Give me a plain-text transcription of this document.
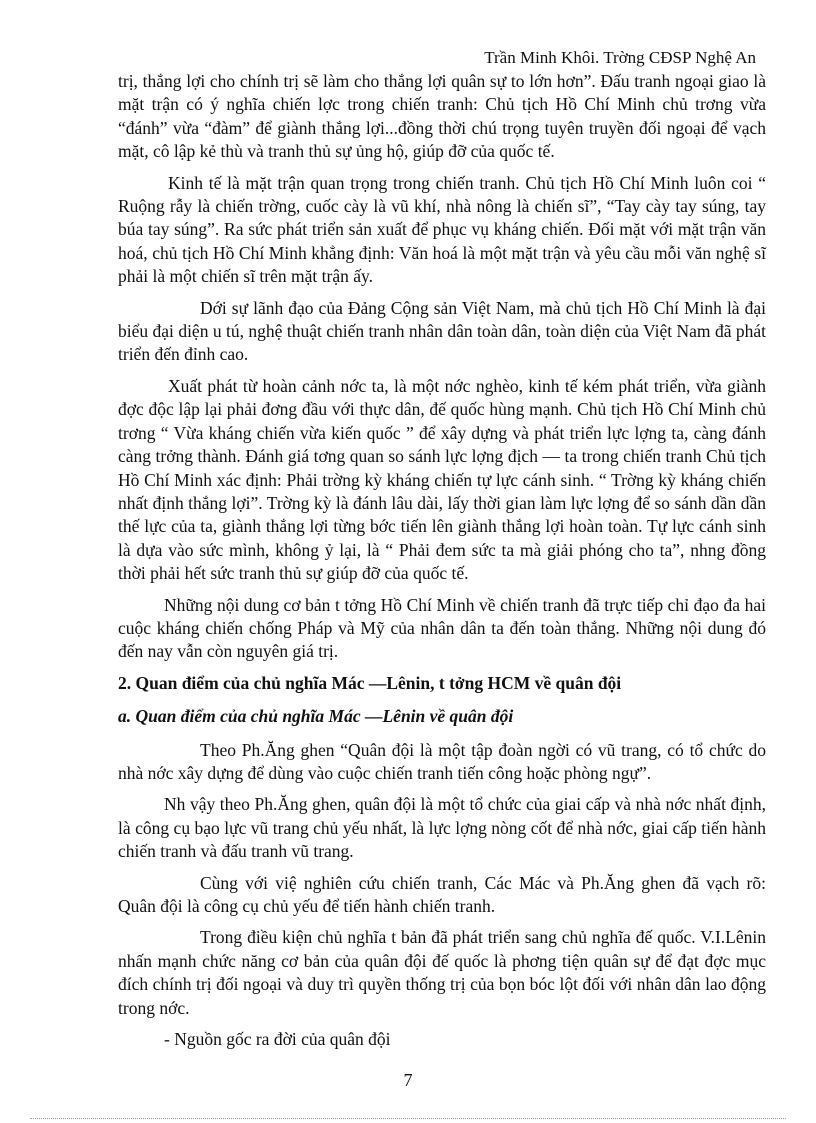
Trần Minh Khôi. Trờng CĐSP Nghệ An

trị, thắng lợi cho chính trị sẽ làm cho thắng lợi quân sự to lớn hơn”. Đấu tranh ngoại giao là mặt trận có ý nghĩa chiến lợc trong chiến tranh: Chủ tịch Hồ Chí Minh chủ trơng vừa “đánh” vừa “đàm” để giành thắng lợi...đồng thời chú trọng tuyên truyền đối ngoại để vạch mặt, cô lập kẻ thù và tranh thủ sự ủng hộ, giúp đỡ của quốc tế.

Kinh tế là mặt trận quan trọng trong chiến tranh. Chủ tịch Hồ Chí Minh luôn coi “ Ruộng rẫy là chiến trờng, cuốc cày là vũ khí, nhà nông là chiến sĩ”, “Tay cày tay súng, tay búa tay súng”. Ra sức phát triển sản xuất để phục vụ kháng chiến. Đối mặt với mặt trận văn hoá, chủ tịch Hồ Chí Minh khẳng định: Văn hoá là một mặt trận và yêu cầu mỗi văn nghệ sĩ phải là một chiến sĩ trên mặt trận ấy.

Dới sự lãnh đạo của Đảng Cộng sản Việt Nam, mà chủ tịch Hồ Chí Minh là đại biểu đại diện u tú, nghệ thuật chiến tranh nhân dân toàn dân, toàn diện của Việt Nam đã phát triển đến đỉnh cao.

Xuất phát từ hoàn cảnh nớc ta, là một nớc nghèo, kinh tế kém phát triển, vừa giành đợc độc lập lại phải đơng đầu với thực dân, đế quốc hùng mạnh. Chủ tịch Hồ Chí Minh chủ trơng “ Vừa kháng chiến vừa kiến quốc ” để xây dựng và phát triển lực lợng ta, càng đánh càng trởng thành. Đánh giá tơng quan so sánh lực lợng địch — ta trong chiến tranh Chủ tịch Hồ Chí Minh xác định: Phải trờng kỳ kháng chiến tự lực cánh sinh. “ Trờng kỳ kháng chiến nhất định thắng lợi”. Trờng kỳ là đánh lâu dài, lấy thời gian làm lực lợng để so sánh dần dần thế lực của ta, giành thắng lợi từng bớc tiến lên giành thắng lợi hoàn toàn. Tự lực cánh sinh là dựa vào sức mình, không ỷ lại, là “ Phải đem sức ta mà giải phóng cho ta”, nhng đồng thời phải hết sức tranh thủ sự giúp đỡ của quốc tế.

Những nội dung cơ bản t tởng Hồ Chí Minh về chiến tranh đã trực tiếp chỉ đạo đa hai cuộc kháng chiến chống Pháp và Mỹ của nhân dân ta đến toàn thắng. Những nội dung đó đến nay vẫn còn nguyên giá trị.

2. Quan điểm của chủ nghĩa Mác —Lênin, t tởng HCM về quân đội

a. Quan điểm của chủ nghĩa Mác —Lênin về quân đội

Theo Ph.Ăng ghen “Quân đội là một tập đoàn ngời có vũ trang, có tổ chức do nhà nớc xây dựng để dùng vào cuộc chiến tranh tiến công hoặc phòng ngự”.

Nh vậy theo Ph.Ăng ghen, quân đội là một tổ chức của giai cấp và nhà nớc nhất định, là công cụ bạo lực vũ trang chủ yếu nhất, là lực lợng nòng cốt để nhà nớc, giai cấp tiến hành chiến tranh và đấu tranh vũ trang.

Cùng với việ nghiên cứu chiến tranh, Các Mác và Ph.Ăng ghen đã vạch rõ: Quân đội là công cụ chủ yếu để tiến hành chiến tranh.

Trong điều kiện chủ nghĩa t bản đã phát triển sang chủ nghĩa đế quốc. V.I.Lênin nhấn mạnh chức năng cơ bản của quân đội đế quốc là phơng tiện quân sự để đạt đợc mục đích chính trị đối ngoại và duy trì quyền thống trị của bọn bóc lột đối với nhân dân lao động trong nớc.

- Nguồn gốc ra đời của quân đội

7
